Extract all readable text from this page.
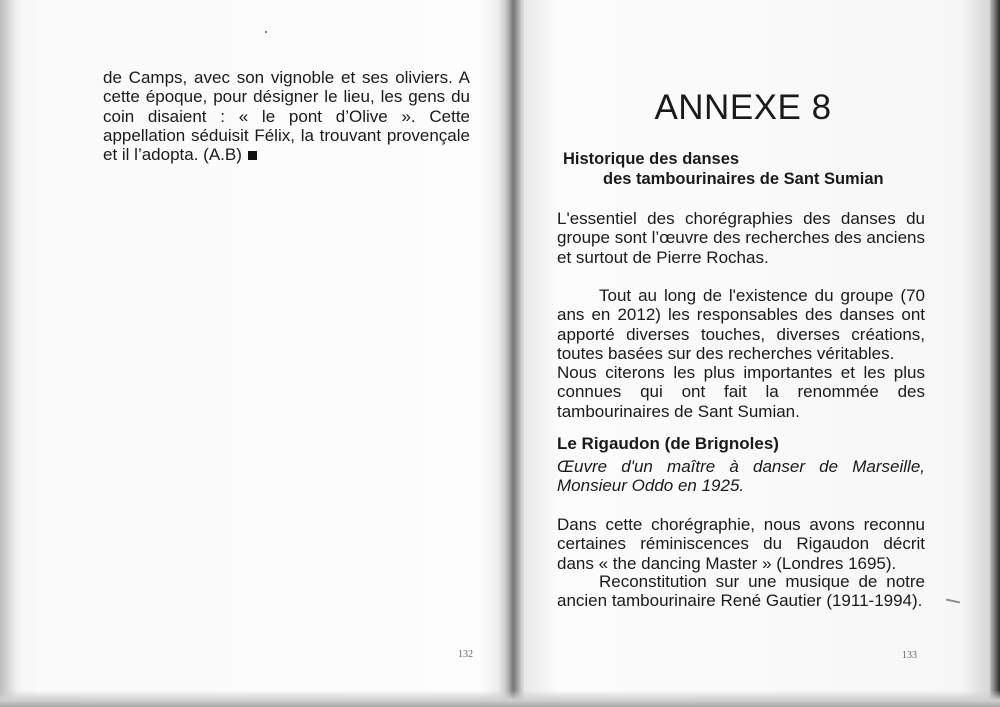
de Camps, avec son vignoble et ses oliviers. A cette époque, pour désigner le lieu, les gens du coin disaient : « le pont d’Olive ». Cette appellation séduisit Félix, la trouvant provençale et il l’adopta. (A.B)
132
ANNEXE 8
Historique des danses
des tambourinaires de Sant Sumian
L'essentiel des chorégraphies des danses du groupe sont l’œuvre des recherches des anciens et surtout de Pierre Rochas.
Tout au long de l'existence du groupe (70 ans en 2012) les responsables des danses ont apporté diverses touches, diverses créations, toutes basées sur des recherches véritables.
Nous citerons les plus importantes et les plus connues qui ont fait la renommée des tambourinaires de Sant Sumian.
Le Rigaudon (de Brignoles)
Œuvre d'un maître à danser de Marseille, Monsieur Oddo en 1925.
Dans cette chorégraphie, nous avons reconnu certaines réminiscences du Rigaudon décrit dans « the dancing Master » (Londres 1695).
Reconstitution sur une musique de notre ancien tambourinaire René Gautier (1911-1994).
133
